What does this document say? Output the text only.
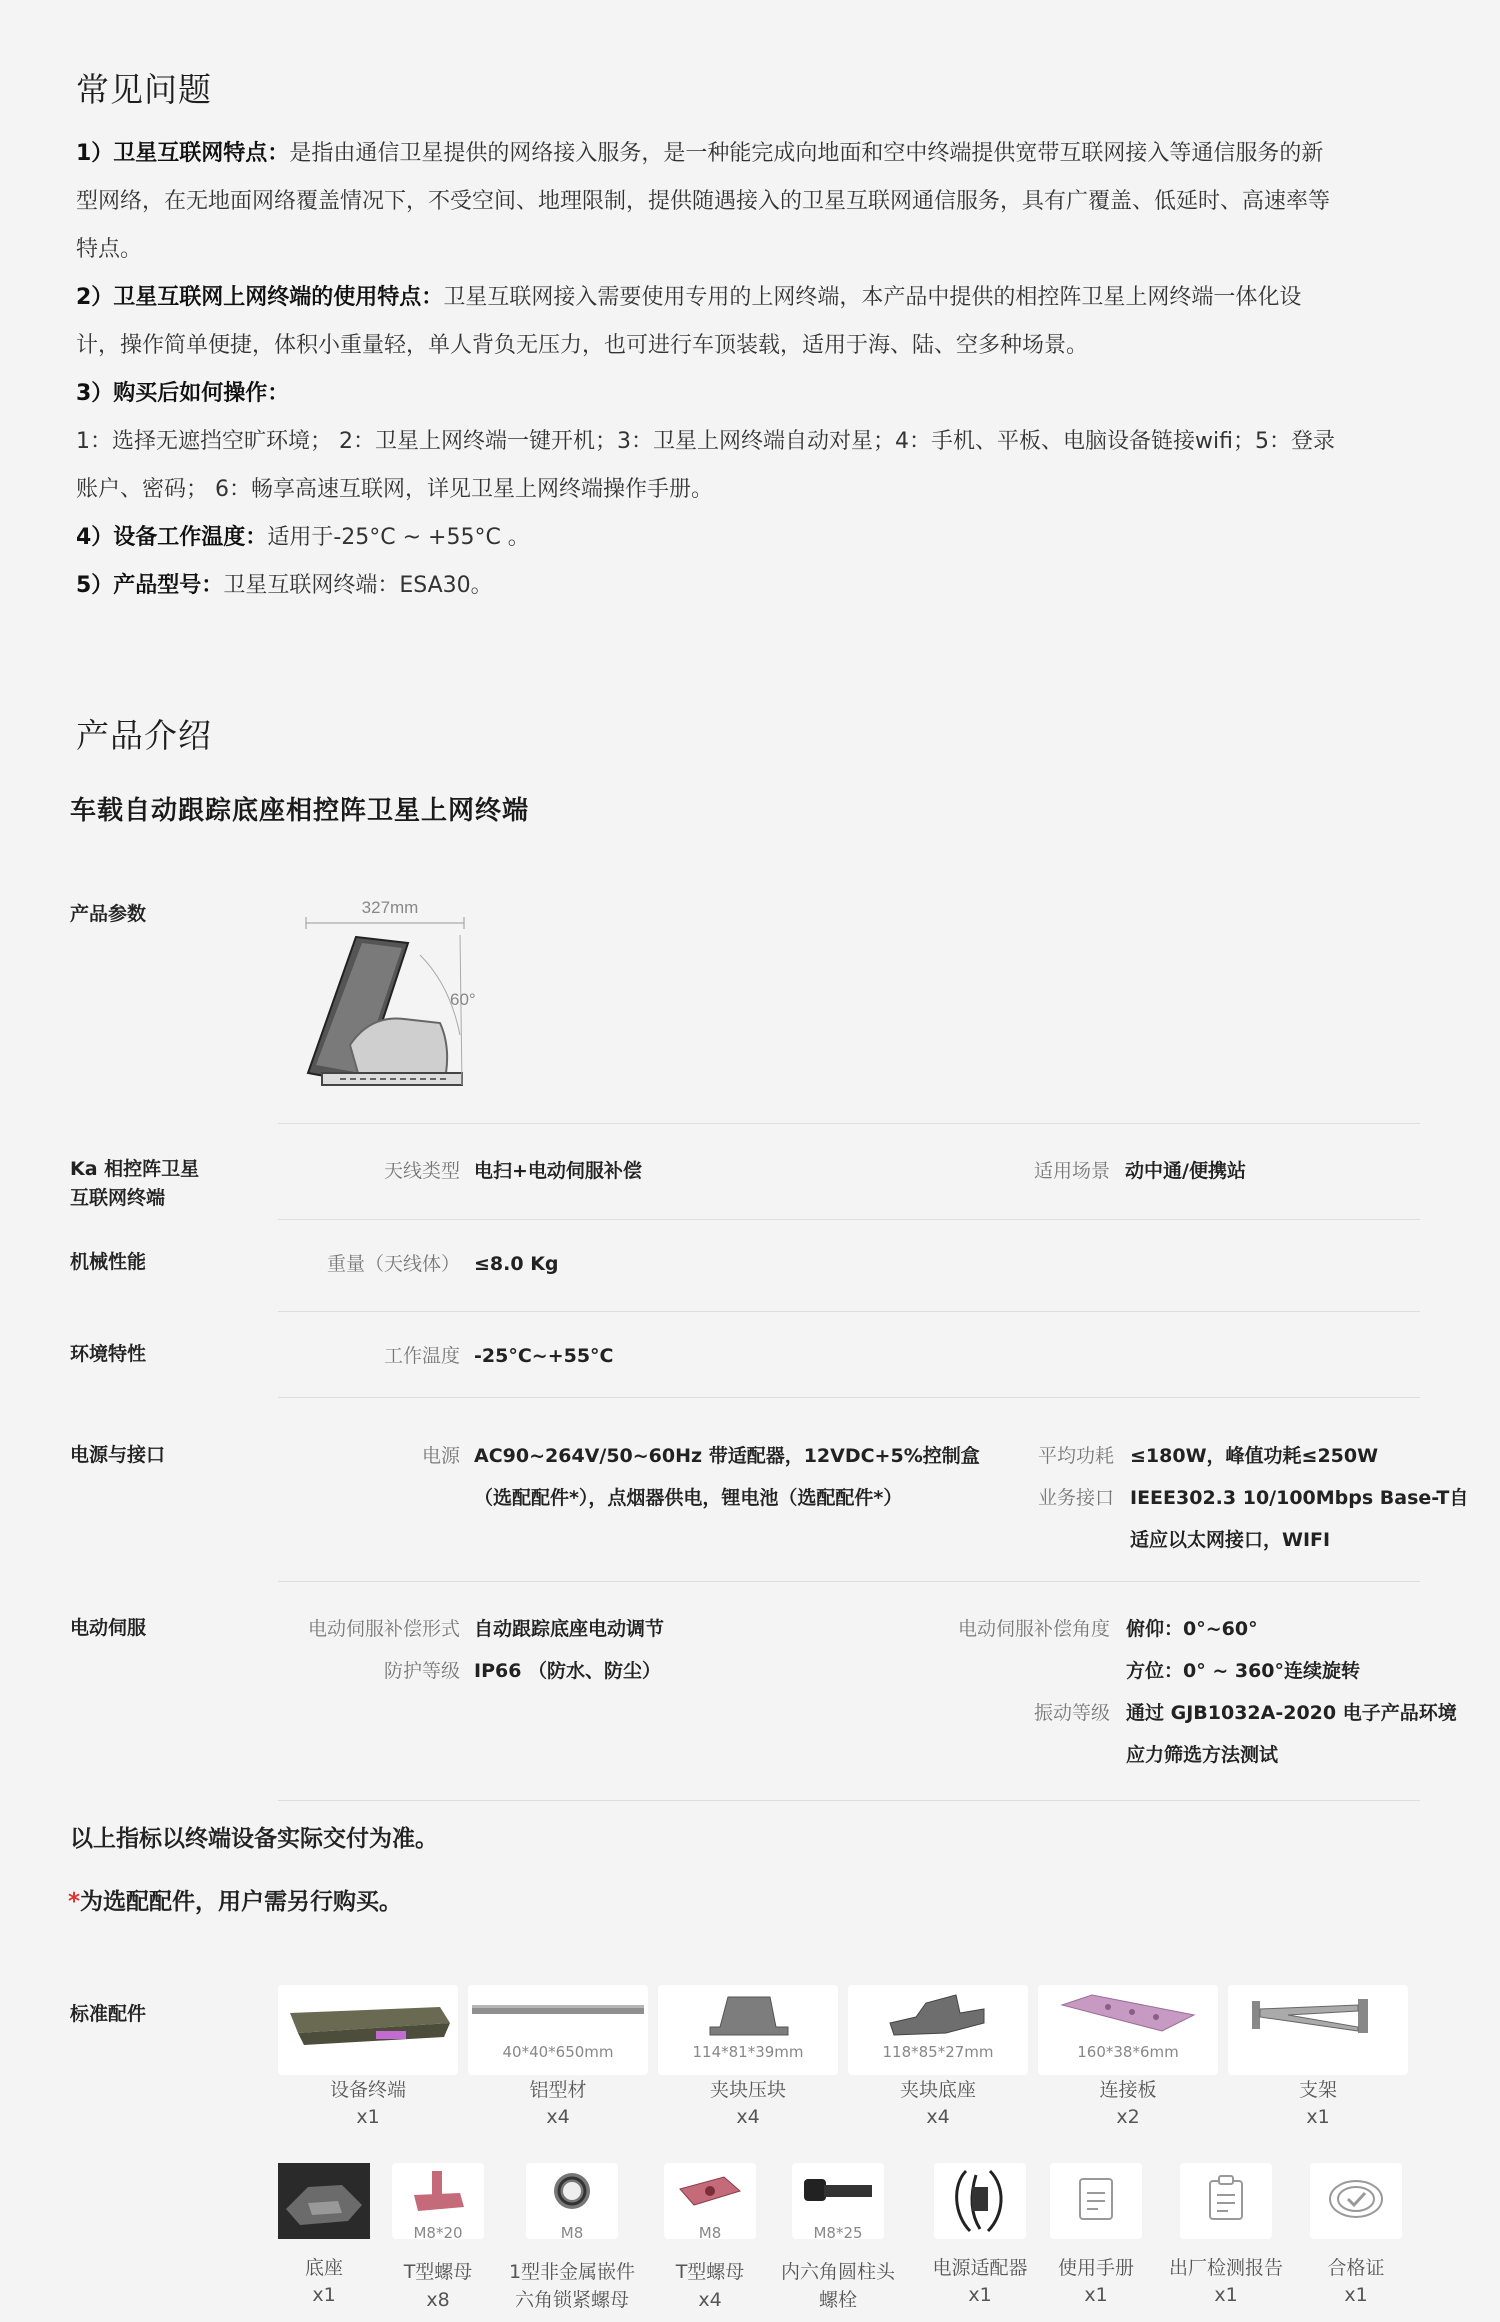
常见问题
1）卫星互联网特点：是指由通信卫星提供的网络接入服务，是一种能完成向地面和空中终端提供宽带互联网接入等通信服务的新
型网络，在无地面网络覆盖情况下，不受空间、地理限制，提供随遇接入的卫星互联网通信服务，具有广覆盖、低延时、高速率等
特点。
2）卫星互联网上网终端的使用特点：卫星互联网接入需要使用专用的上网终端，本产品中提供的相控阵卫星上网终端一体化设
计，操作简单便捷，体积小重量轻，单人背负无压力，也可进行车顶装载，适用于海、陆、空多种场景。
3）购买后如何操作：
1：选择无遮挡空旷环境； 2：卫星上网终端一键开机；3：卫星上网终端自动对星；4：手机、平板、电脑设备链接wifi；5：登录
账户、密码； 6：畅享高速互联网，详见卫星上网终端操作手册。
4）设备工作温度：适用于-25°C ~ +55°C 。
5）产品型号：卫星互联网终端：ESA30。
产品介绍
车载自动跟踪底座相控阵卫星上网终端
产品参数	327mm
60°
Ka 相控阵卫星互联网终端
天线类型 电扫+电动伺服补偿	适用场景 动中通/便携站
机械性能	重量（天线体） ≤8.0 Kg
环境特性	工作温度 -25°C~+55°C
电源与接口	电源 AC90~264V/50~60Hz 带适配器，12VDC+5%控制盒
（选配配件*），点烟器供电，锂电池（选配配件*）
平均功耗 ≤180W，峰值功耗≤250W
业务接口 IEEE302.3 10/100Mbps Base-T自
适应以太网接口，WIFI
电动伺服	电动伺服补偿形式 自动跟踪底座电动调节
防护等级 IP66 （防水、防尘）
电动伺服补偿角度 俯仰：0°~60°
方位：0° ~ 360°连续旋转
振动等级 通过 GJB1032A-2020 电子产品环境
应力筛选方法测试
以上指标以终端设备实际交付为准。
*为选配配件，用户需另行购买。
标准配件
40*40*650mm	114*81*39mm	118*85*27mm	160*38*6mm
设备终端
x1
铝型材
x4
夹块压块
x4
夹块底座
x4
连接板
x2
支架
x1
M8*20	M8	M8	M8*25
底座
x1
T型螺母
x8
1型非金属嵌件
六角锁紧螺母
T型螺母
x4
内六角圆柱头
螺栓
电源适配器
x1
使用手册
x1
出厂检测报告
x1
合格证
x1
